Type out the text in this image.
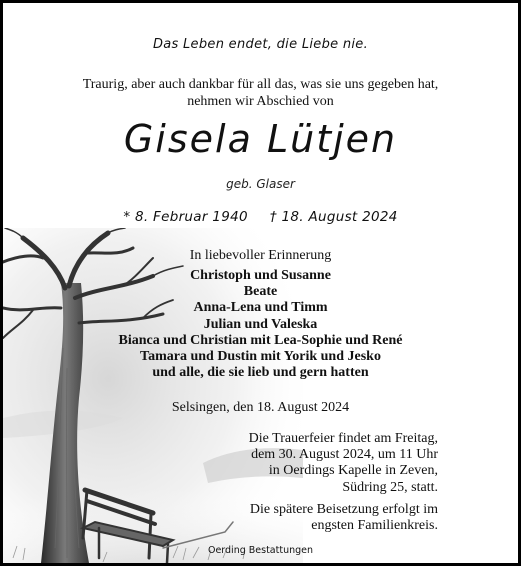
Das Leben endet, die Liebe nie.
Traurig, aber auch dankbar für all das, was sie uns gegeben hat,
nehmen wir Abschied von
Gisela Lütjen
geb. Glaser
* 8. Februar 1940 † 18. August 2024
In liebevoller Erinnerung
Christoph und Susanne
Beate
Anna-Lena und Timm
Julian und Valeska
Bianca und Christian mit Lea-Sophie und René
Tamara und Dustin mit Yorik und Jesko
und alle, die sie lieb und gern hatten
Selsingen, den 18. August 2024
Die Trauerfeier findet am Freitag,
dem 30. August 2024, um 11 Uhr
in Oerdings Kapelle in Zeven,
Südring 25, statt.
Die spätere Beisetzung erfolgt im
engsten Familienkreis.
Oerding Bestattungen
